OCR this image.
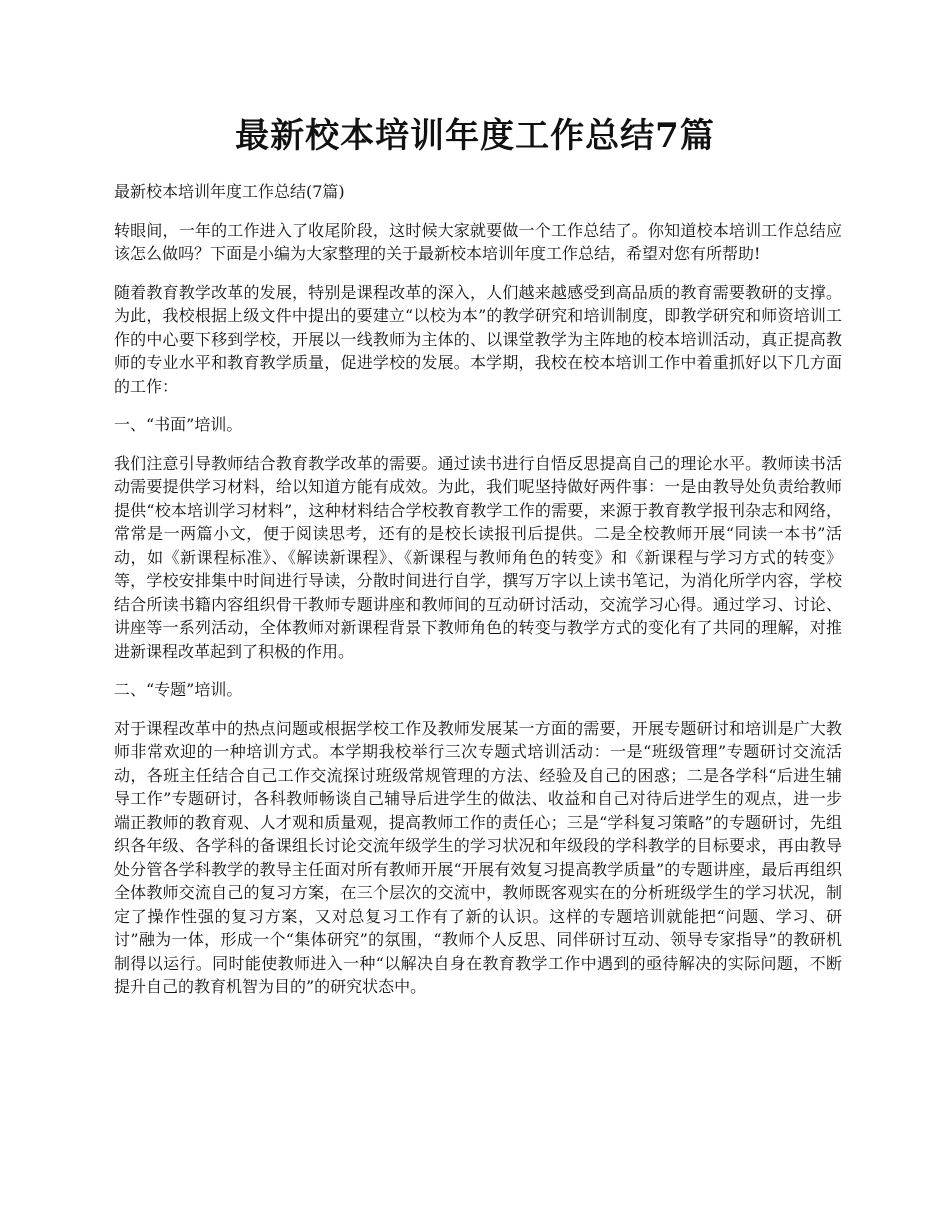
最新校本培训年度工作总结7篇

最新校本培训年度工作总结(7篇)

转眼间，一年的工作进入了收尾阶段，这时候大家就要做一个工作总结了。你知道校本培训工作总结应该怎么做吗？下面是小编为大家整理的关于最新校本培训年度工作总结，希望对您有所帮助!

随着教育教学改革的发展，特别是课程改革的深入，人们越来越感受到高品质的教育需要教研的支撑。为此，我校根据上级文件中提出的要建立“以校为本”的教学研究和培训制度，即教学研究和师资培训工作的中心要下移到学校，开展以一线教师为主体的、以课堂教学为主阵地的校本培训活动，真正提高教师的专业水平和教育教学质量，促进学校的发展。本学期，我校在校本培训工作中着重抓好以下几方面的工作：

一、“书面”培训。

我们注意引导教师结合教育教学改革的需要。通过读书进行自悟反思提高自己的理论水平。教师读书活动需要提供学习材料，给以知道方能有成效。为此，我们呢坚持做好两件事：一是由教导处负责给教师提供“校本培训学习材料”，这种材料结合学校教育教学工作的需要，来源于教育教学报刊杂志和网络，常常是一两篇小文，便于阅读思考，还有的是校长读报刊后提供。二是全校教师开展“同读一本书”活动，如《新课程标准》、《解读新课程》、《新课程与教师角色的转变》和《新课程与学习方式的转变》等，学校安排集中时间进行导读，分散时间进行自学，撰写万字以上读书笔记，为消化所学内容，学校结合所读书籍内容组织骨干教师专题讲座和教师间的互动研讨活动，交流学习心得。通过学习、讨论、讲座等一系列活动，全体教师对新课程背景下教师角色的转变与教学方式的变化有了共同的理解，对推进新课程改革起到了积极的作用。

二、“专题”培训。

对于课程改革中的热点问题或根据学校工作及教师发展某一方面的需要，开展专题研讨和培训是广大教师非常欢迎的一种培训方式。本学期我校举行三次专题式培训活动：一是“班级管理”专题研讨交流活动，各班主任结合自己工作交流探讨班级常规管理的方法、经验及自己的困惑；二是各学科“后进生辅导工作”专题研讨，各科教师畅谈自己辅导后进学生的做法、收益和自己对待后进学生的观点，进一步端正教师的教育观、人才观和质量观，提高教师工作的责任心；三是“学科复习策略”的专题研讨，先组织各年级、各学科的备课组长讨论交流年级学生的学习状况和年级段的学科教学的目标要求，再由教导处分管各学科教学的教导主任面对所有教师开展“开展有效复习提高教学质量”的专题讲座，最后再组织全体教师交流自己的复习方案，在三个层次的交流中，教师既客观实在的分析班级学生的学习状况，制定了操作性强的复习方案，又对总复习工作有了新的认识。这样的专题培训就能把“问题、学习、研讨”融为一体，形成一个“集体研究”的氛围，“教师个人反思、同伴研讨互动、领导专家指导”的教研机制得以运行。同时能使教师进入一种“以解决自身在教育教学工作中遇到的亟待解决的实际问题，不断提升自己的教育机智为目的”的研究状态中。
